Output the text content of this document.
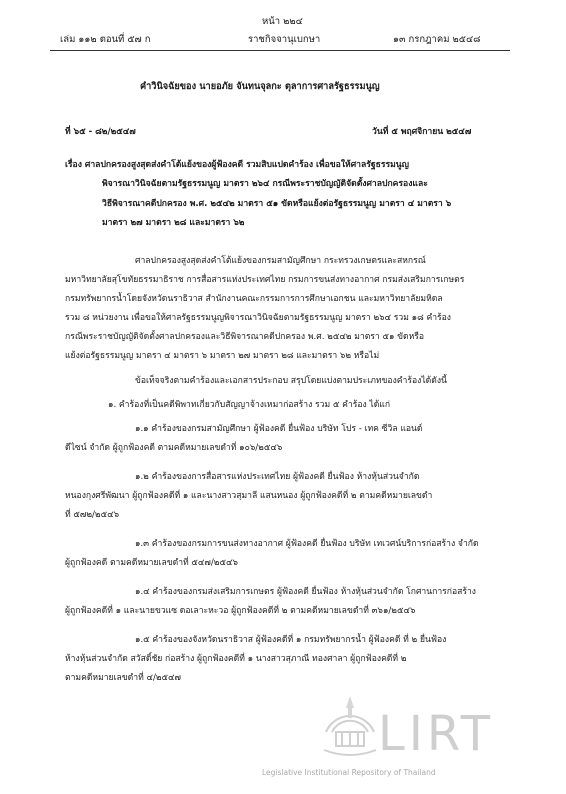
หน้า ๒๒๔
เล่ม ๑๑๒ ตอนที่ ๕๗ ก	ราชกิจจานุเบกษา	๑๓ กรกฎาคม ๒๕๔๘
คำวินิจฉัยของ นายอภัย จันทนจุลกะ ตุลาการศาลรัฐธรรมนูญ
ที่ ๖๕ - ๘๒/๒๕๔๗	วันที่ ๕ พฤศจิกายน ๒๕๔๗
เรื่อง ศาลปกครองสูงสุดส่งคำโต้แย้งของผู้ฟ้องคดี รวมสิบแปดคำร้อง เพื่อขอให้ศาลรัฐธรรมนูญ
พิจารณาวินิจฉัยตามรัฐธรรมนูญ มาตรา ๒๖๔ กรณีพระราชบัญญัติจัดตั้งศาลปกครองและ
วิธีพิจารณาคดีปกครอง พ.ศ. ๒๕๔๒ มาตรา ๕๑ ขัดหรือแย้งต่อรัฐธรรมนูญ มาตรา ๔ มาตรา ๖
มาตรา ๒๗ มาตรา ๒๘ และมาตรา ๖๒
ศาลปกครองสูงสุดส่งคำโต้แย้งของกรมสามัญศึกษา กระทรวงเกษตรและสหกรณ์
มหาวิทยาลัยสุโขทัยธรรมาธิราช การสื่อสารแห่งประเทศไทย กรมการขนส่งทางอากาศ กรมส่งเสริมการเกษตร
กรมทรัพยากรน้ำโดยจังหวัดนราธิวาส สำนักงานคณะกรรมการการศึกษาเอกชน และมหาวิทยาลัยมหิดล
รวม ๘ หน่วยงาน เพื่อขอให้ศาลรัฐธรรมนูญพิจารณาวินิจฉัยตามรัฐธรรมนูญ มาตรา ๒๖๔ รวม ๑๘ คำร้อง
กรณีพระราชบัญญัติจัดตั้งศาลปกครองและวิธีพิจารณาคดีปกครอง พ.ศ. ๒๕๔๒ มาตรา ๕๑ ขัดหรือ
แย้งต่อรัฐธรรมนูญ มาตรา ๔ มาตรา ๖ มาตรา ๒๗ มาตรา ๒๘ และมาตรา ๖๒ หรือไม่
ข้อเท็จจริงตามคำร้องและเอกสารประกอบ สรุปโดยแบ่งตามประเภทของคำร้องได้ดังนี้
๑. คำร้องที่เป็นคดีพิพาทเกี่ยวกับสัญญาจ้างเหมาก่อสร้าง รวม ๕ คำร้อง ได้แก่
๑.๑ คำร้องของกรมสามัญศึกษา ผู้ฟ้องคดี ยื่นฟ้อง บริษัท โปร - เทค ซีวิล แอนด์
ดีไซน์ จำกัด ผู้ถูกฟ้องคดี ตามคดีหมายเลขดำที่ ๑๐๖/๒๕๔๖
๑.๒ คำร้องของการสื่อสารแห่งประเทศไทย ผู้ฟ้องคดี ยื่นฟ้อง ห้างหุ้นส่วนจำกัด
หนองกุงศรีพัฒนา ผู้ถูกฟ้องคดีที่ ๑ และนางสาวสุมาลี แสนหนอง ผู้ถูกฟ้องคดีที่ ๒ ตามคดีหมายเลขดำ
ที่ ๕๗๒/๒๕๔๖
๑.๓ คำร้องของกรมการขนส่งทางอากาศ ผู้ฟ้องคดี ยื่นฟ้อง บริษัท เทเวศน์บริการก่อสร้าง จำกัด
ผู้ถูกฟ้องคดี ตามคดีหมายเลขดำที่ ๕๔๗/๒๕๔๖
๑.๔ คำร้องของกรมส่งเสริมการเกษตร ผู้ฟ้องคดี ยื่นฟ้อง ห้างหุ้นส่วนจำกัด โกศานการก่อสร้าง
ผู้ถูกฟ้องคดีที่ ๑ และนายขวแซ ดอเลาะหะวอ ผู้ถูกฟ้องคดีที่ ๒ ตามคดีหมายเลขดำที่ ๓๖๑/๒๕๔๖
๑.๕ คำร้องของจังหวัดนราธิวาส ผู้ฟ้องคดีที่ ๑ กรมทรัพยากรน้ำ ผู้ฟ้องคดี ที่ ๒ ยื่นฟ้อง
ห้างหุ้นส่วนจำกัด สวัสดิ์ชัย ก่อสร้าง ผู้ถูกฟ้องคดีที่ ๑ นางสาวสุภาณี ทองศาลา ผู้ถูกฟ้องคดีที่ ๒
ตามคดีหมายเลขดำที่ ๔/๒๕๔๗
LIRT
Legislative Institutional Repository of Thailand
